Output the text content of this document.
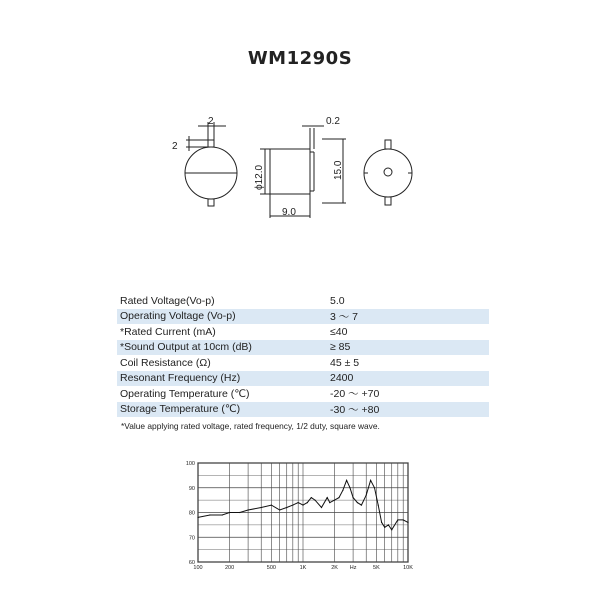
WM1290S
2
2
0.2
9.0
ϕ12.0	15.0
Rated Voltage(Vo-p)	5.0
Operating Voltage (Vo-p)	3 ～ 7
*Rated Current (mA)	≤40
*Sound Output at 10cm (dB)	≥ 85
Coil Resistance (Ω)	45 ± 5
Resonant Frequency (Hz)	2400
Operating Temperature (℃)	-20 ～ +70
Storage Temperature (℃)	-30 ～ +80
*Value applying rated voltage, rated frequency, 1/2 duty, square wave.
60
70
80
90
100
100	200	500	1K	2K Hz	5K	10K
